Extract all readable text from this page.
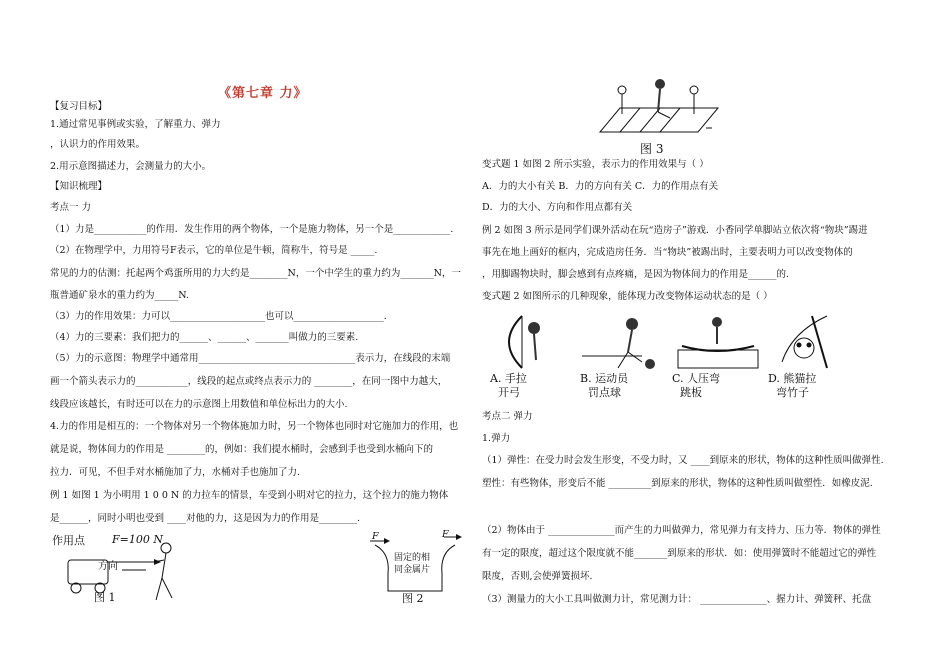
《第七章 力》
【复习目标】
1.通过常见事例或实验，了解重力、弹力
，认识力的作用效果。
2.用示意图描述力，会测量力的大小。
【知识梳理】
考点一 力
（1）力是___________的作用．发生作用的两个物体，一个是施力物体，另一个是____________.
（2）在物理学中，力用符号F表示，它的单位是牛顿，简称牛，符号是 _____.
常见的力的估测：托起两个鸡蛋所用的力大约是________N，一个中学生的重力约为_______N，一
瓶普通矿泉水的重力约为_____N.
（3）力的作用效果：力可以____________________也可以___________________．
（4）力的三要素：我们把力的______、______、_______叫做力的三要素.
（5）力的示意图：物理学中通常用_________________________________表示力，在线段的末端
画一个箭头表示力的___________，线段的起点或终点表示力的 ________，在同一图中力越大，
线段应该越长，有时还可以在力的示意图上用数值和单位标出力的大小.
4.力的作用是相互的：一个物体对另一个物体施加力时，另一个物体也同时对它施加力的作用，也
就是说，物体间力的作用是 ________的，例如：我们提水桶时，会感到手也受到水桶向下的
拉力．可见，不但手对水桶施加了力，水桶对手也施加了力.
例 1 如图 1 为小明用 1 0 0 N 的力拉车的情景，车受到小明对它的拉力，这个拉力的施力物体
是______，同时小明也受到 ____对他的力，这是因为力的作用是________.
作用点 F=100 N
方向
图 1
F	F
固定的相同金属片
图 2
图 3
变式题 1 如图 2 所示实验，表示力的作用效果与（ ）
A．力的大小有关 B．力的方向有关 C．力的作用点有关
D．力的大小、方向和作用点都有关
例 2 如图 3 所示是同学们课外活动在玩“造房子”游戏．小香同学单脚站立依次将“物块”踢进
事先在地上画好的框内，完成造房任务．当“物块”被踢出时，主要表明力可以改变物体的
，用脚踢物块时，脚会感到有点疼痛，是因为物体间力的作用是______的.
变式题 2 如图所示的几种现象，能体现力改变物体运动状态的是（ ）
A. 手拉
开弓
B. 运动员
罚点球
C. 人压弯
跳板
D. 熊猫拉
弯竹子
考点二 弹力
1.弹力
（1）弹性：在受力时会发生形变，不受力时，又 ____到原来的形状，物体的这种性质叫做弹性.
塑性：有些物体，形变后不能 _________到原来的形状，物体的这种性质叫做塑性．如橡皮泥.
（2）物体由于 ______________而产生的力叫做弹力，常见弹力有支持力、压力等．物体的弹性
有一定的限度，超过这个限度就不能_______到原来的形状．如：使用弹簧时不能超过它的弹性
限度，否则,会使弹簧损坏.
（3）测量力的大小工具叫做测力计，常见测力计： ______________、握力计、弹簧秤、托盘
